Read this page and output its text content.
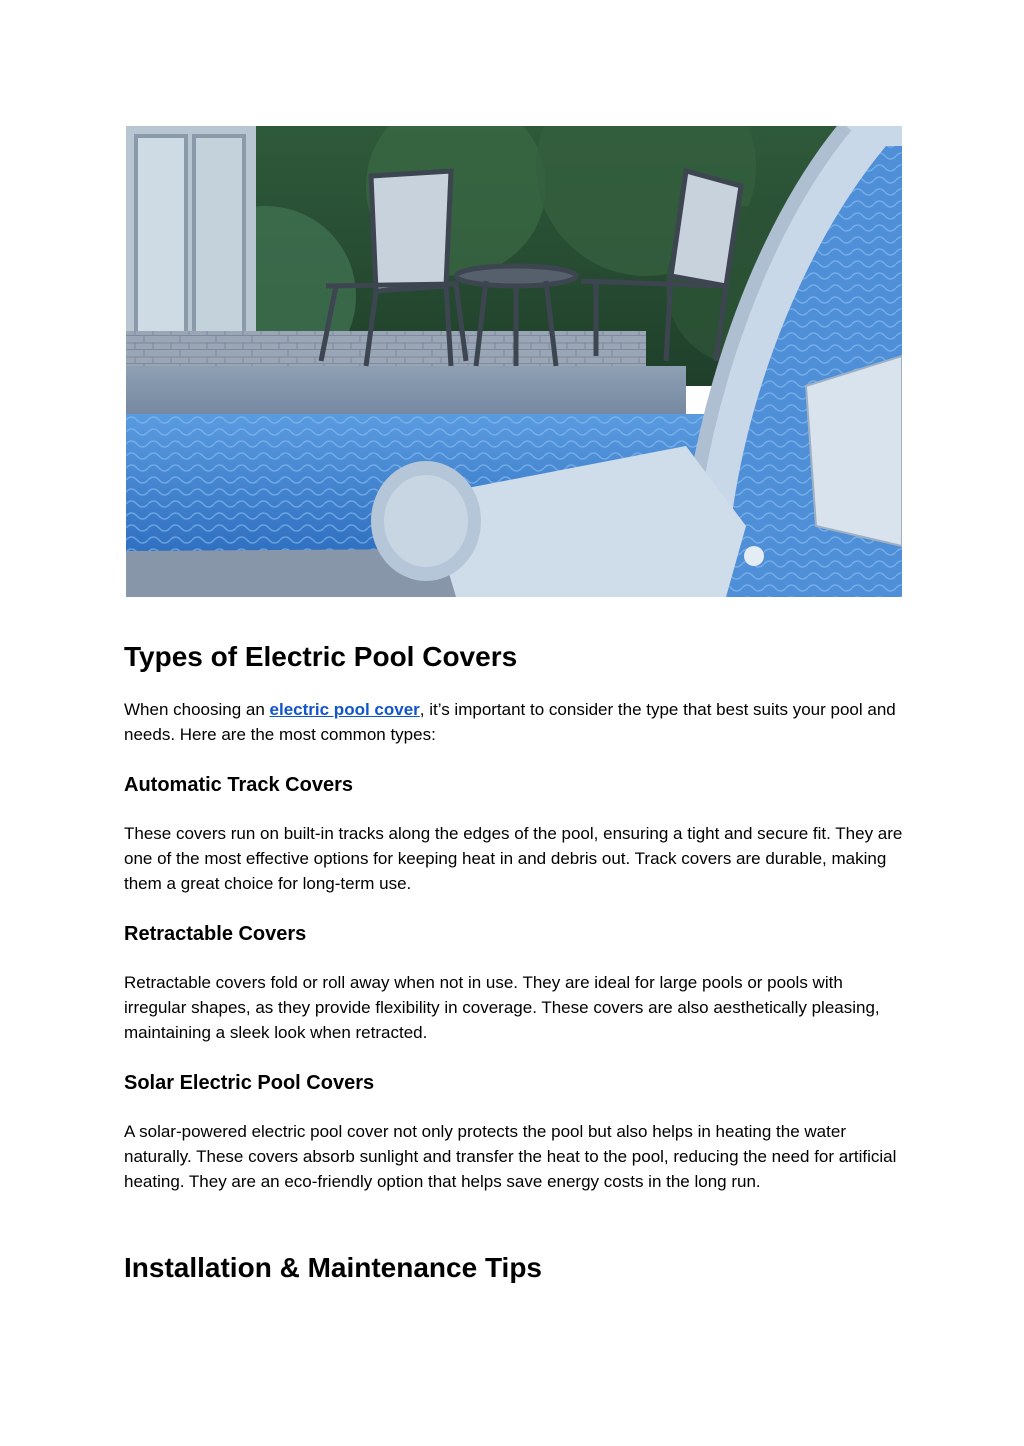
Types of Electric Pool Covers

When choosing an electric pool cover, it’s important to consider the type that best suits your pool and needs. Here are the most common types:

Automatic Track Covers

These covers run on built-in tracks along the edges of the pool, ensuring a tight and secure fit. They are one of the most effective options for keeping heat in and debris out. Track covers are durable, making them a great choice for long-term use.

Retractable Covers

Retractable covers fold or roll away when not in use. They are ideal for large pools or pools with irregular shapes, as they provide flexibility in coverage. These covers are also aesthetically pleasing, maintaining a sleek look when retracted.

Solar Electric Pool Covers

A solar-powered electric pool cover not only protects the pool but also helps in heating the water naturally. These covers absorb sunlight and transfer the heat to the pool, reducing the need for artificial heating. They are an eco-friendly option that helps save energy costs in the long run.

Installation & Maintenance Tips
